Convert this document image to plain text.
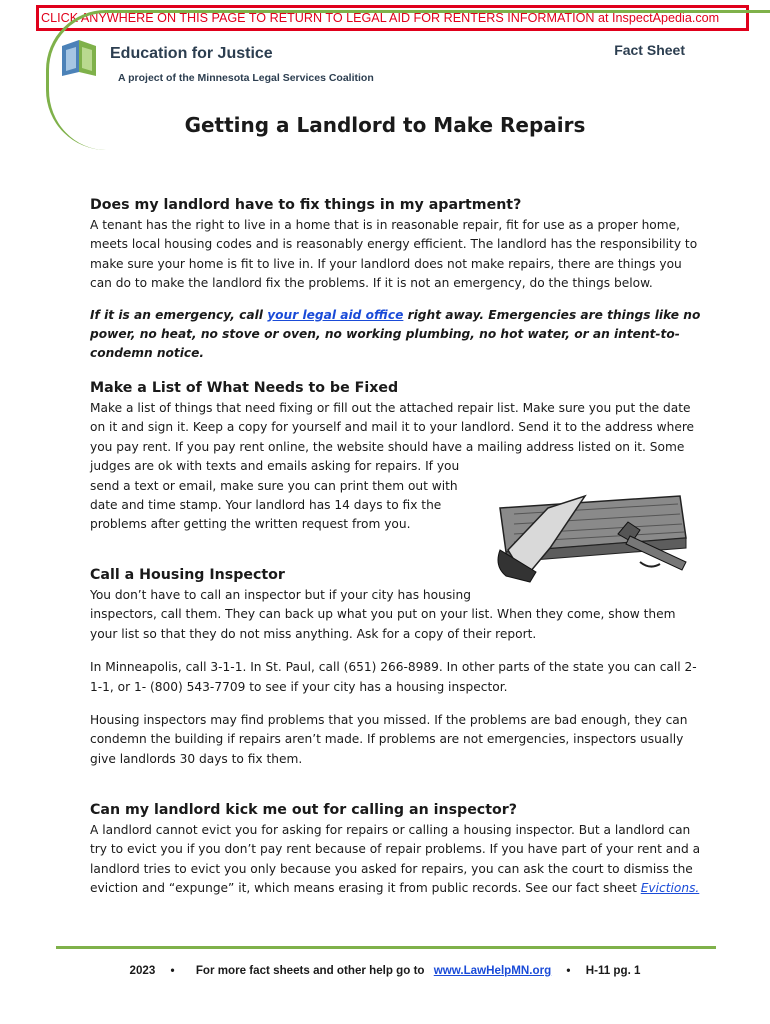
CLICK ANYWHERE ON THIS PAGE TO RETURN TO LEGAL AID FOR RENTERS INFORMATION at InspectApedia.com
Education for Justice
A project of the Minnesota Legal Services Coalition
Fact Sheet
Getting a Landlord to Make Repairs
Does my landlord have to fix things in my apartment?

A tenant has the right to live in a home that is in reasonable repair, fit for use as a proper home, meets local housing codes and is reasonably energy efficient. The landlord has the responsibility to make sure your home is fit to live in. If your landlord does not make repairs, there are things you can do to make the landlord fix the problems. If it is not an emergency, do the things below.

If it is an emergency, call your legal aid office right away. Emergencies are things like no power, no heat, no stove or oven, no working plumbing, no hot water, or an intent-to-condemn notice.

Make a List of What Needs to be Fixed

Make a list of things that need fixing or fill out the attached repair list. Make sure you put the date on it and sign it. Keep a copy for yourself and mail it to your landlord. Send it to the address where you pay rent. If you pay rent online, the website should have a mailing address listed on it. Some

judges are ok with texts and emails asking for repairs. If you send a text or email, make sure you can print them out with date and time stamp. Your landlord has 14 days to fix the problems after getting the written request from you.

Call a Housing Inspector

You don’t have to call an inspector but if your city has housing

inspectors, call them. They can back up what you put on your list. When they come, show them your list so that they do not miss anything. Ask for a copy of their report.

In Minneapolis, call 3-1-1. In St. Paul, call (651) 266-8989. In other parts of the state you can call 2-1-1, or 1- (800) 543-7709 to see if your city has a housing inspector.

Housing inspectors may find problems that you missed. If the problems are bad enough, they can condemn the building if repairs aren’t made. If problems are not emergencies, inspectors usually give landlords 30 days to fix them.

Can my landlord kick me out for calling an inspector?

A landlord cannot evict you for asking for repairs or calling a housing inspector. But a landlord can try to evict you if you don’t pay rent because of repair problems. If you have part of your rent and a landlord tries to evict you only because you asked for repairs, you can ask the court to dismiss the eviction and “expunge” it, which means erasing it from public records. See our fact sheet Evictions.

2023 • For more fact sheets and other help go to www.LawHelpMN.org • H-11 pg. 1
